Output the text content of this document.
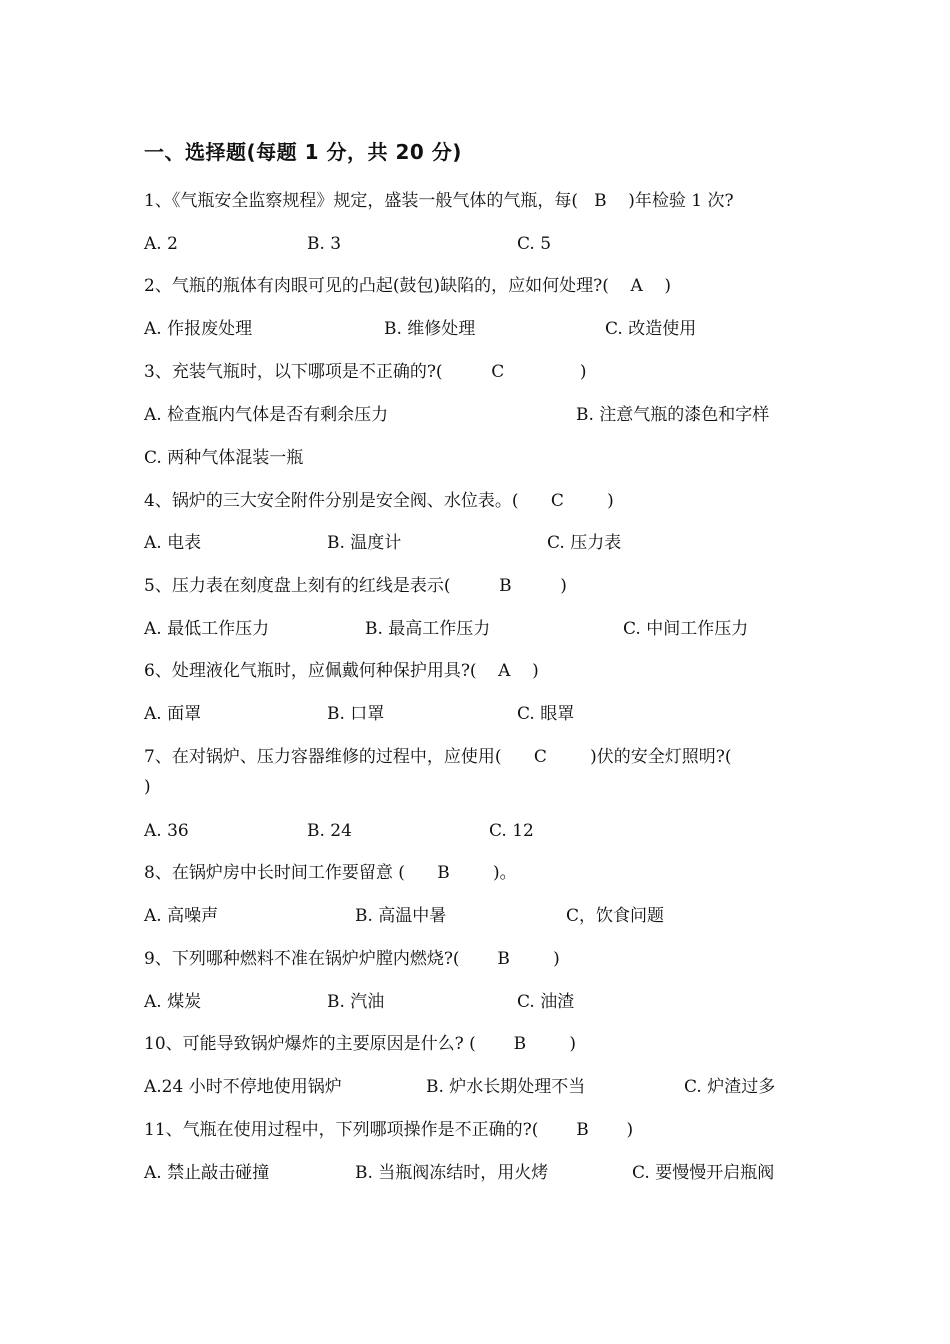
一、选择题(每题 1 分，共 20 分)
1、《气瓶安全监察规程》规定，盛装一般气体的气瓶，每(   B    )年检验 1 次?
A. 2	B. 3	C. 5
2、气瓶的瓶体有肉眼可见的凸起(鼓包)缺陷的，应如何处理?(    A    )
A. 作报废处理	B. 维修处理	C. 改造使用
3、充装气瓶时，以下哪项是不正确的?(         C              )
A. 检查瓶内气体是否有剩余压力	B. 注意气瓶的漆色和字样
C. 两种气体混装一瓶
4、锅炉的三大安全附件分别是安全阀、水位表。(      C        )
A. 电表	B. 温度计	C. 压力表
5、压力表在刻度盘上刻有的红线是表示(         B         )
A. 最低工作压力	B. 最高工作压力	C. 中间工作压力
6、处理液化气瓶时，应佩戴何种保护用具?(    A    )
A. 面罩	B. 口罩	C. 眼罩
7、在对锅炉、压力容器维修的过程中，应使用(      C        )伏的安全灯照明?(
)
A. 36	B. 24	C. 12
8、在锅炉房中长时间工作要留意 (      B        )。
A. 高噪声	B. 高温中暑	C，饮食问题
9、下列哪种燃料不准在锅炉炉膛内燃烧?(       B        )
A. 煤炭	B. 汽油	C. 油渣
10、可能导致锅炉爆炸的主要原因是什么? (       B        )
A.24 小时不停地使用锅炉	B. 炉水长期处理不当	C. 炉渣过多
11、气瓶在使用过程中，下列哪项操作是不正确的?(       B       )
A. 禁止敲击碰撞	B. 当瓶阀冻结时，用火烤	C. 要慢慢开启瓶阀
